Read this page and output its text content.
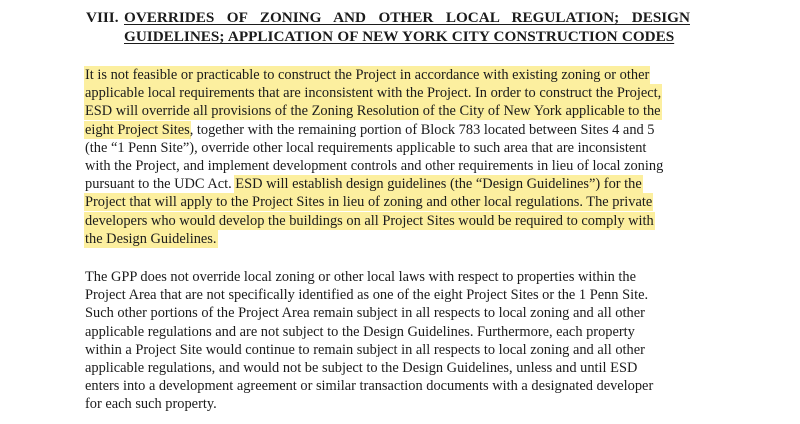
VIII. OVERRIDES OF ZONING AND OTHER LOCAL REGULATION; DESIGN
GUIDELINES; APPLICATION OF NEW YORK CITY CONSTRUCTION CODES
It is not feasible or practicable to construct the Project in accordance with existing zoning or other
applicable local requirements that are inconsistent with the Project. In order to construct the Project,
ESD will override all provisions of the Zoning Resolution of the City of New York applicable to the
eight Project Sites, together with the remaining portion of Block 783 located between Sites 4 and 5
(the “1 Penn Site”), override other local requirements applicable to such area that are inconsistent
with the Project, and implement development controls and other requirements in lieu of local zoning
pursuant to the UDC Act. ESD will establish design guidelines (the “Design Guidelines”) for the
Project that will apply to the Project Sites in lieu of zoning and other local regulations. The private
developers who would develop the buildings on all Project Sites would be required to comply with
the Design Guidelines.
The GPP does not override local zoning or other local laws with respect to properties within the
Project Area that are not specifically identified as one of the eight Project Sites or the 1 Penn Site.
Such other portions of the Project Area remain subject in all respects to local zoning and all other
applicable regulations and are not subject to the Design Guidelines. Furthermore, each property
within a Project Site would continue to remain subject in all respects to local zoning and all other
applicable regulations, and would not be subject to the Design Guidelines, unless and until ESD
enters into a development agreement or similar transaction documents with a designated developer
for each such property.
